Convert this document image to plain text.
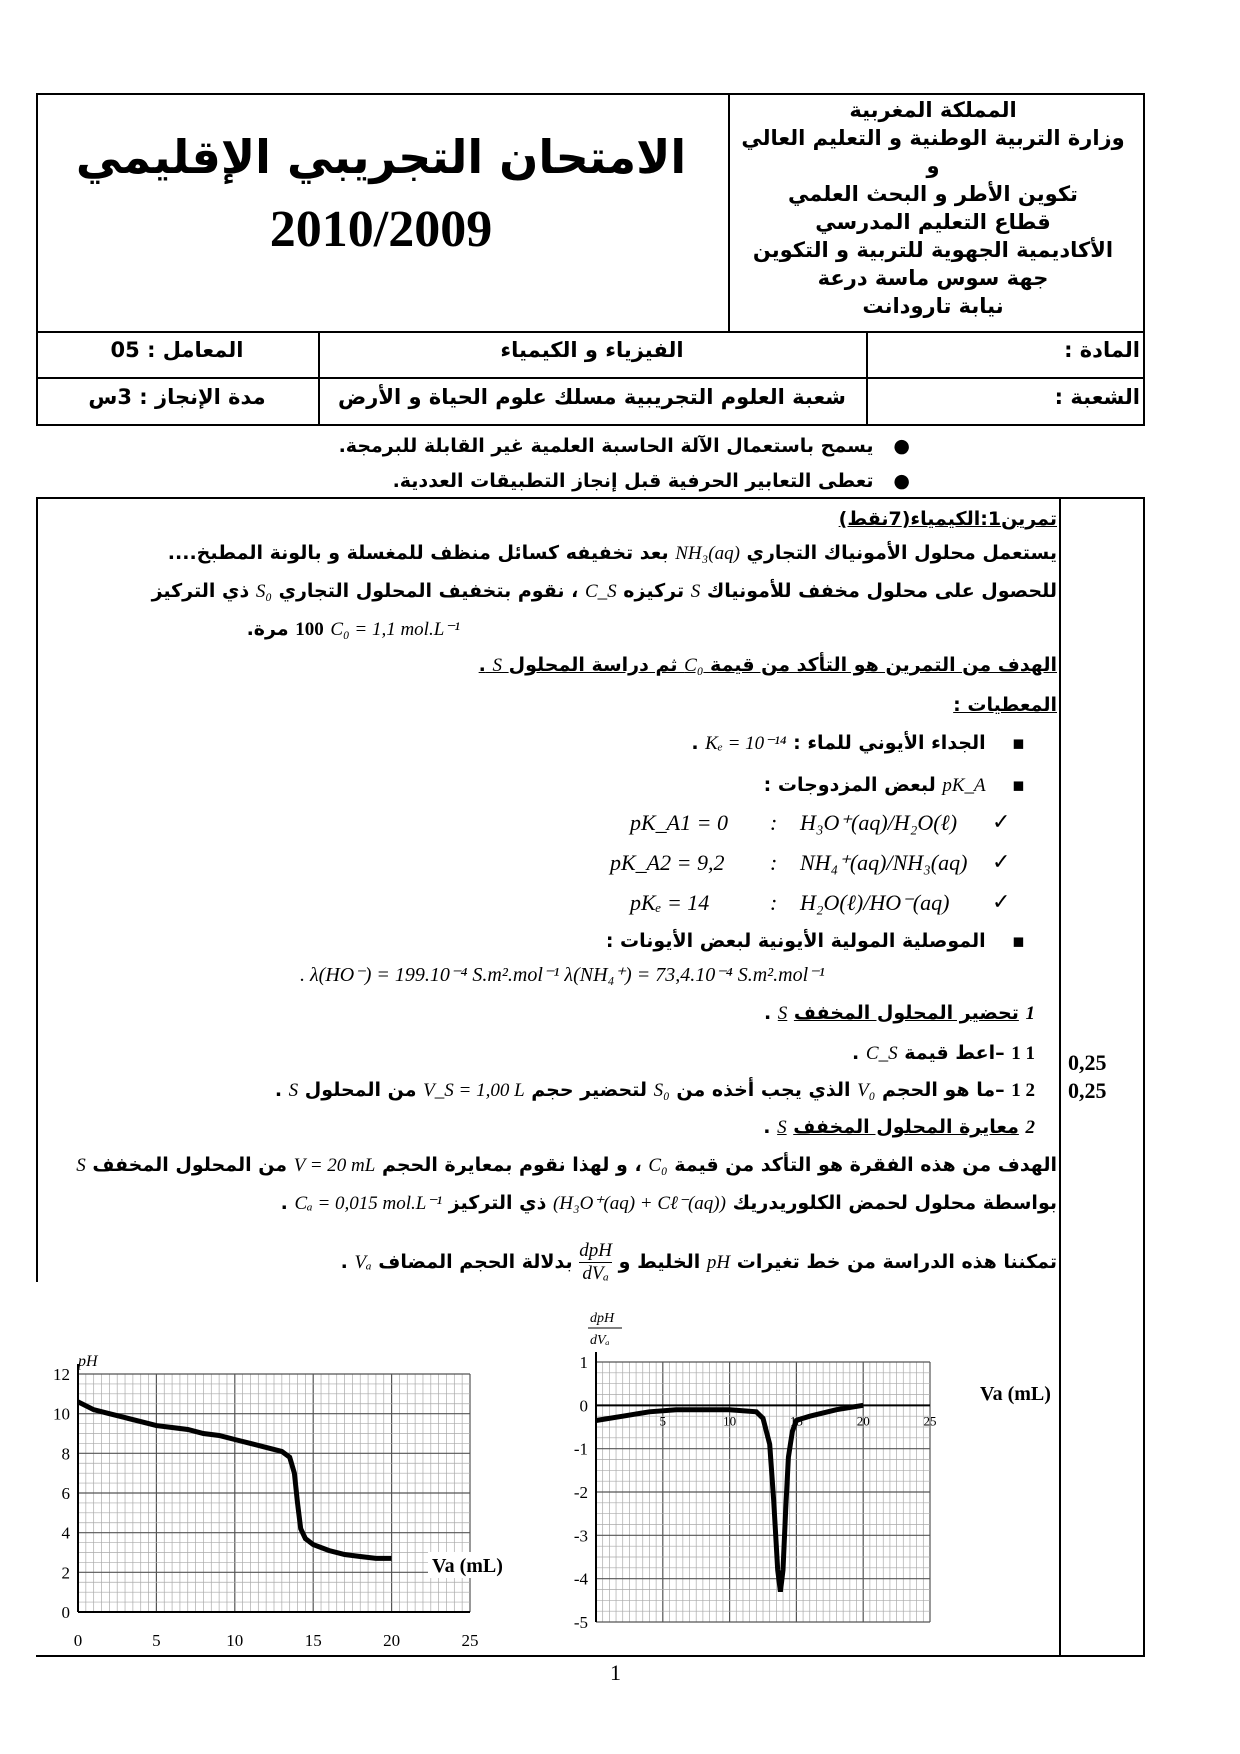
المملكة المغربية
وزارة التربية الوطنية و التعليم العالي و
تكوين الأطر و البحث العلمي
قطاع التعليم المدرسي
الأكاديمية الجهوية للتربية و التكوين
جهة سوس ماسة درعة
نيابة تارودانت
الامتحان التجريبي الإقليمي
2010/2009
المادة :
الفيزياء و الكيمياء
المعامل : 05
الشعبة :
شعبة العلوم التجريبية مسلك علوم الحياة و الأرض
مدة الإنجاز : 3س
●   يسمح باستعمال الآلة الحاسبة العلمية غير القابلة للبرمجة.
●   تعطى التعابير الحرفية قبل إنجاز التطبيقات العددية.
تمرين1:الكيمياء(7نقط)
يستعمل محلول الأمونياك التجاري NH₃(aq) بعد تخفيفه كسائل منظف للمغسلة و بالونة المطبخ....
للحصول على محلول مخفف للأمونياك S تركيزه C_S ، نقوم بتخفيف المحلول التجاري S₀ ذي التركيز
C₀ = 1,1 mol.L⁻¹ 100 مرة.
الهدف من التمرين هو التأكد من قيمة C₀ ثم دراسة المحلول S .
المعطيات :
▪    الجداء الأيوني للماء : Kₑ = 10⁻¹⁴ .
▪    pK_A لبعض المزدوجات :
pK_A1 = 0 : H₃O⁺(aq)/H₂O(ℓ) ✓
pK_A2 = 9,2 : NH₄⁺(aq)/NH₃(aq) ✓
pKₑ = 14	: H₂O(ℓ)/HO⁻(aq) ✓
▪    الموصلية المولية الأيونية لبعض الأيونات :
. λ(HO⁻) = 199.10⁻⁴ S.m².mol⁻¹ λ(NH₄⁺) = 73,4.10⁻⁴ S.m².mol⁻¹
1 تحضير المحلول المخفف S .
1 1 –اعط قيمة C_S .
1 2 –ما هو الحجم V₀ الذي يجب أخذه من S₀ لتحضير حجم V_S = 1,00 L من المحلول S .
2 معايرة المحلول المخفف S .
الهدف من هذه الفقرة هو التأكد من قيمة C₀ ، و لهذا نقوم بمعايرة الحجم V = 20 mL من المحلول المخفف S
بواسطة محلول لحمض الكلوريدريك (H₃O⁺(aq) + Cℓ⁻(aq)) ذي التركيز Cₐ = 0,015 mol.L⁻¹ .
تمكننا هذه الدراسة من خط تغيرات pH الخليط و
dpH
dVₐ
بدلالة الحجم المضاف Vₐ .
0,25
0,25
0
2
4
6
8
10
12
0	5	10	15	20	25
pH
Va (mL)
1
0
-1
-2
-3
-4
-5
5	10	15	20	25
dpH
dVₐ
Va (mL)
1
